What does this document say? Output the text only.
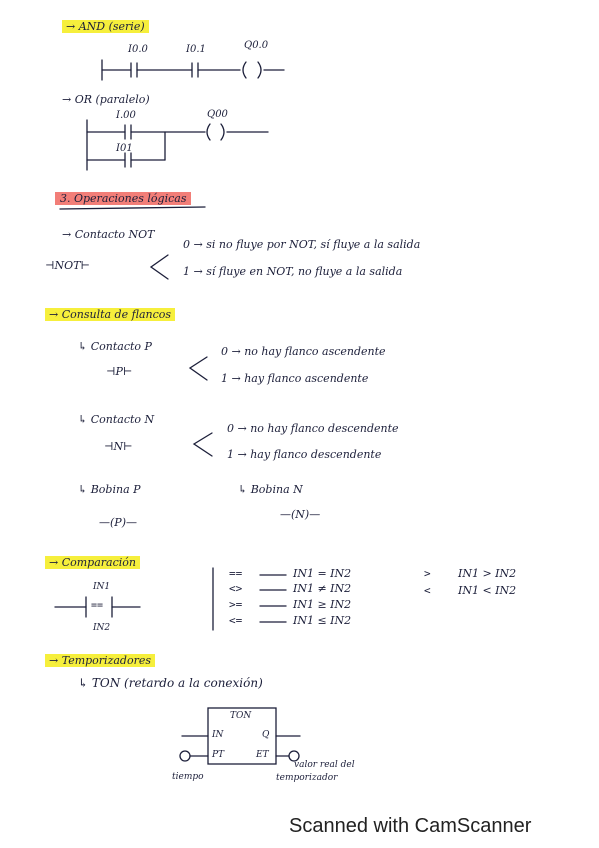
→ AND (serie)
I0.0	I0.1	Q0.0
→ OR (paralelo)
I.00
I01
Q00
3. Operaciones lógicas
→ Contacto NOT
⊣NOT⊢
0 → si no fluye por NOT, sí fluye a la salida
1 → sí fluye en NOT, no fluye a la salida
→ Consulta de flancos
↳ Contacto P
⊣P⊢
0 → no hay flanco ascendente
1 → hay flanco ascendente
↳ Contacto N
⊣N⊢
0 → no hay flanco descendente
1 → hay flanco descendente
↳ Bobina P
—(P)—
↳ Bobina N
—(N)—
→ Comparación
IN1
IN2
==
==	IN1 = IN2
<>	IN1 ≠ IN2
>=	IN1 ≥ IN2
<=	IN1 ≤ IN2
> IN1 > IN2
< IN1 < IN2
→ Temporizadores
↳ TON (retardo a la conexión)
TON
IN	Q
PT	ET
tiempo
valor real del
temporizador
Scanned with CamScanner
